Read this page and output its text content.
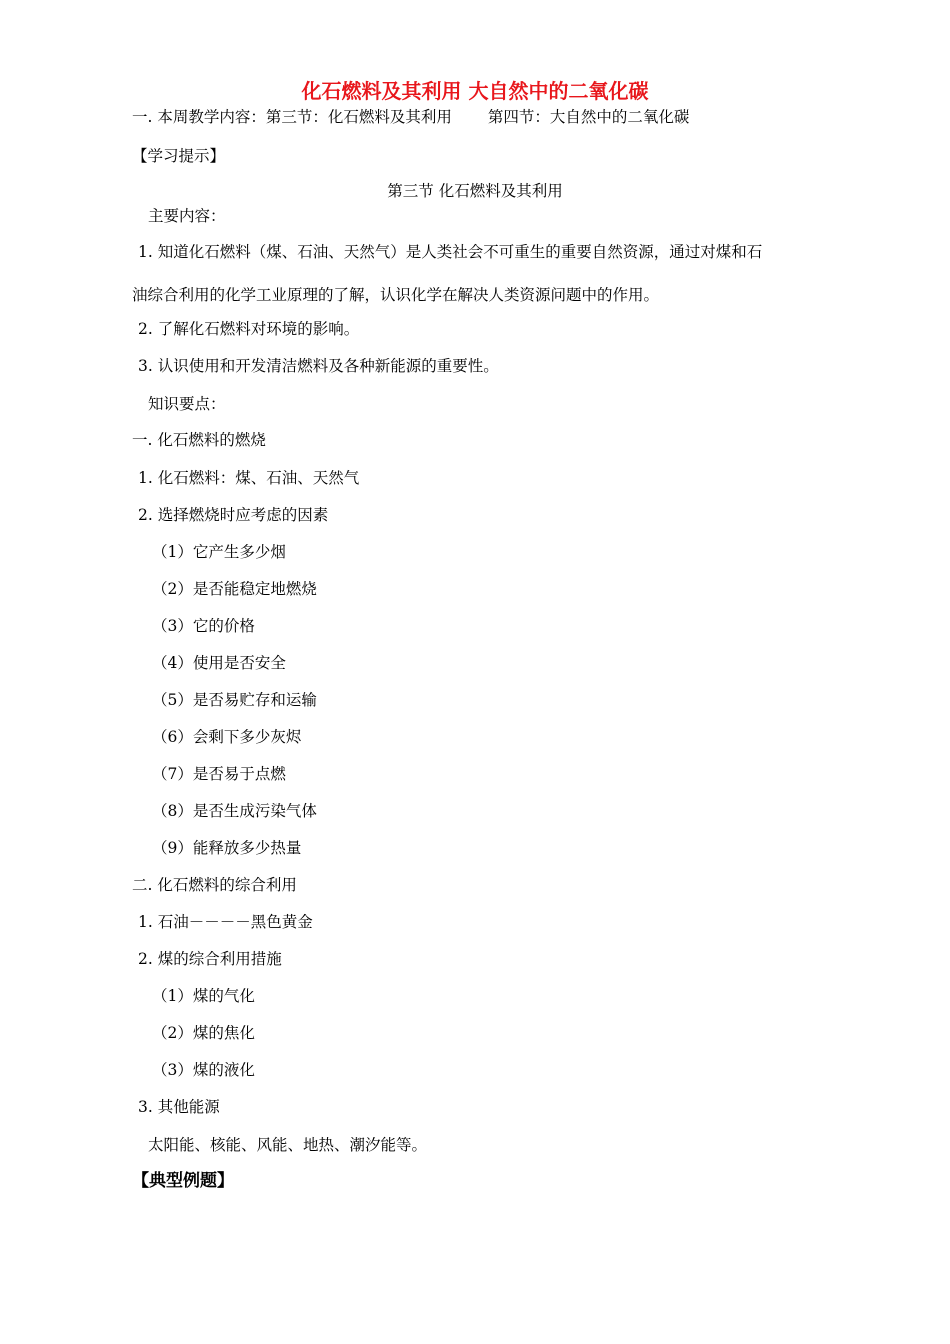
化石燃料及其利用 大自然中的二氧化碳
一. 本周教学内容：第三节：化石燃料及其利用 第四节：大自然中的二氧化碳
【学习提示】
第三节 化石燃料及其利用
主要内容：
1. 知道化石燃料（煤、石油、天然气）是人类社会不可重生的重要自然资源，通过对煤和石
油综合利用的化学工业原理的了解，认识化学在解决人类资源问题中的作用。
2. 了解化石燃料对环境的影响。
3. 认识使用和开发清洁燃料及各种新能源的重要性。
知识要点：
一. 化石燃料的燃烧
1. 化石燃料：煤、石油、天然气
2. 选择燃烧时应考虑的因素
（1）它产生多少烟
（2）是否能稳定地燃烧
（3）它的价格
（4）使用是否安全
（5）是否易贮存和运输
（6）会剩下多少灰烬
（7）是否易于点燃
（8）是否生成污染气体
（9）能释放多少热量
二. 化石燃料的综合利用
1. 石油－－－－黑色黄金
2. 煤的综合利用措施
（1）煤的气化
（2）煤的焦化
（3）煤的液化
3. 其他能源
太阳能、核能、风能、地热、潮汐能等。
【典型例题】
